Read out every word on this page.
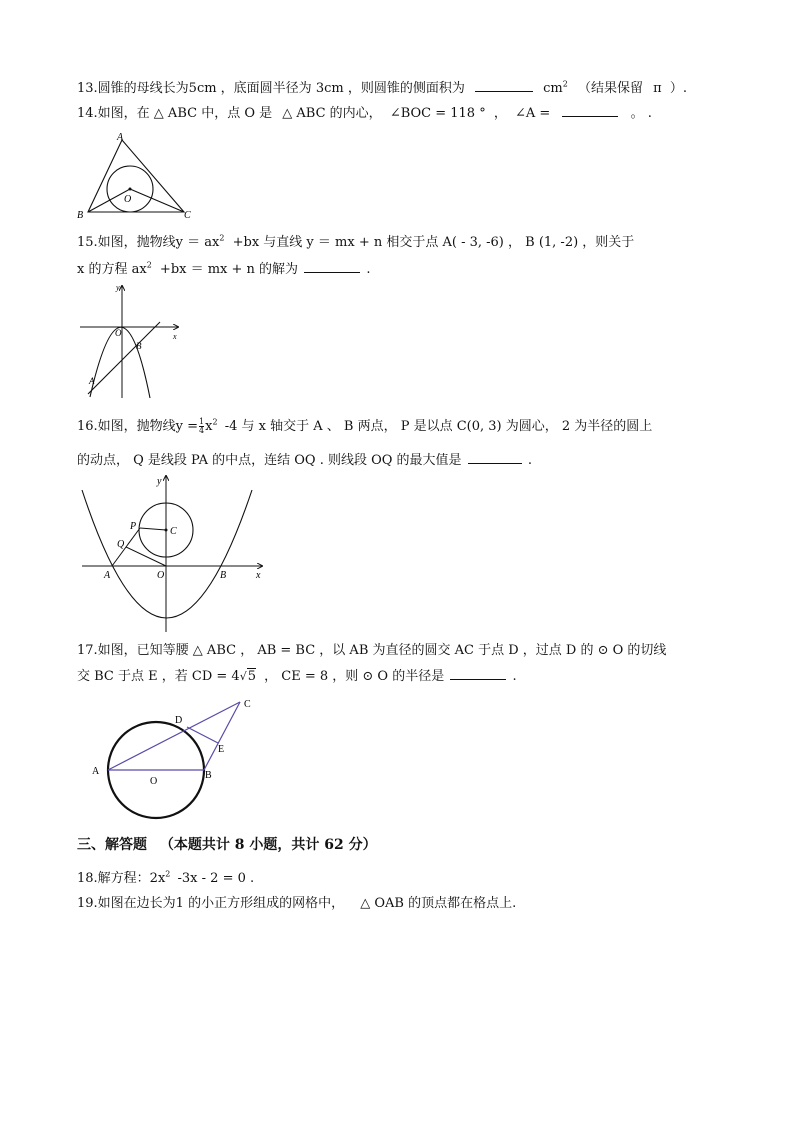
13.圆锥的母线长为5cm ，底面圆半径为 3cm ，则圆锥的侧面积为	$cm^2$ （结果保留 π ）.
14.如图，在 △ ABC 中，点 O 是 △ ABC 的内心， ∠BOC = 118 ° ， ∠A =	。 .
A
O
B	C
15.如图，抛物线$y = ax^2 +bx$ 与直线 y ＝ mx + n 相交于点 A( - 3, -6) ， B (1, -2) ，则关于
x 的方程 $ax^2 +bx$ ＝ mx + n 的解为	.
y
x
O
B
A
16.如图，抛物线$y = \frac{1}{4} x^2$ -4 与 x 轴交于 A 、 B 两点， P 是以点 C(0, 3) 为圆心， 2 为半径的圆上
的动点， Q 是线段 PA 的中点，连结 OQ . 则线段 OQ 的最大值是	.
y
x
P
Q
C
A	O	B
17.如图，已知等腰 △ ABC ， AB = BC ，以 AB 为直径的圆交 AC 于点 D ，过点 D 的 ⊙ O 的切线
交 BC 于点 E ，若 CD = 4√5 ， CE = 8 ，则 ⊙ O 的半径是	.
A
O
B
D
E
C
三、解答题 （本题共计 8 小题，共计 62 分）
18.解方程：$2x^2$ -3x - 2 = 0 .
19.如图在边长为1 的小正方形组成的网格中， △ OAB 的顶点都在格点上.
